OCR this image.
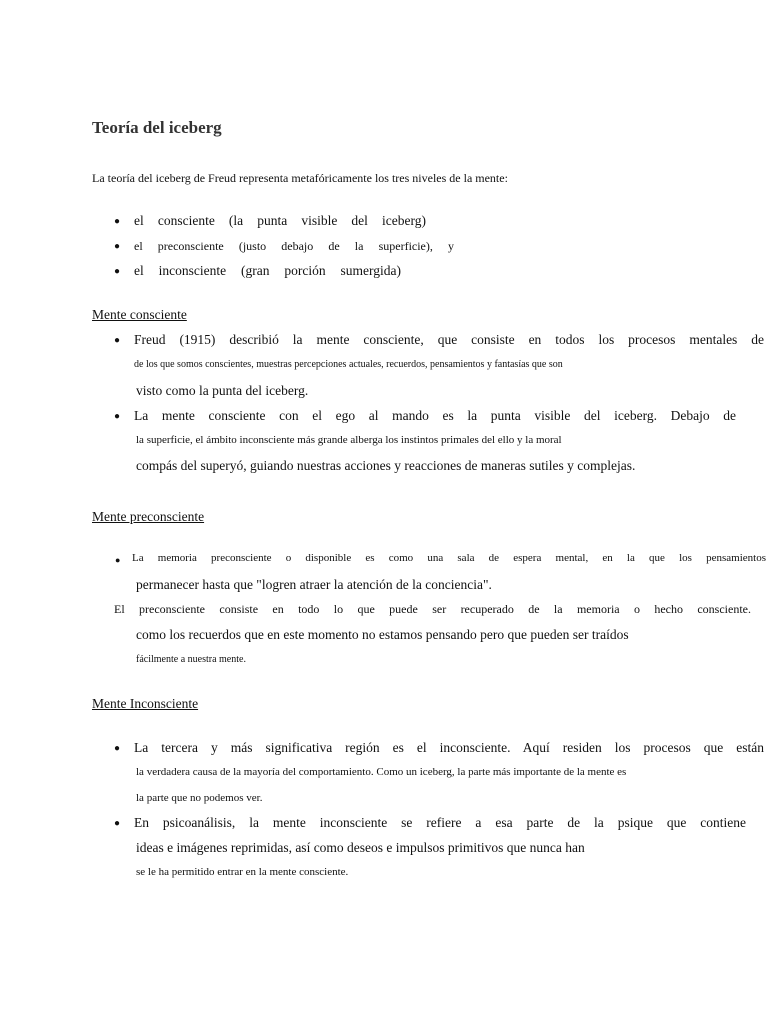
Teoría del iceberg
La teoría del iceberg de Freud representa metafóricamente los tres niveles de la mente:
● el consciente (la punta visible del iceberg)
● el preconsciente (justo debajo de la superficie), y
● el inconsciente (gran porción sumergida)
Mente consciente
● Freud (1915) describió la mente consciente, que consiste en todos los procesos mentales de
de los que somos conscientes, muestras percepciones actuales, recuerdos, pensamientos y fantasías que son
visto como la punta del iceberg.
● La mente consciente con el ego al mando es la punta visible del iceberg. Debajo de
la superficie, el ámbito inconsciente más grande alberga los instintos primales del ello y la moral
compás del superyó, guiando nuestras acciones y reacciones de maneras sutiles y complejas.
Mente preconsciente
● La memoria preconsciente o disponible es como una sala de espera mental, en la que los pensamientos
permanecer hasta que "logren atraer la atención de la conciencia".
El preconsciente consiste en todo lo que puede ser recuperado de la memoria o hecho consciente.
como los recuerdos que en este momento no estamos pensando pero que pueden ser traídos
fácilmente a nuestra mente.
Mente Inconsciente
● La tercera y más significativa región es el inconsciente. Aquí residen los procesos que están
la verdadera causa de la mayoría del comportamiento. Como un iceberg, la parte más importante de la mente es
la parte que no podemos ver.
● En psicoanálisis, la mente inconsciente se refiere a esa parte de la psique que contiene
ideas e imágenes reprimidas, así como deseos e impulsos primitivos que nunca han
se le ha permitido entrar en la mente consciente.
